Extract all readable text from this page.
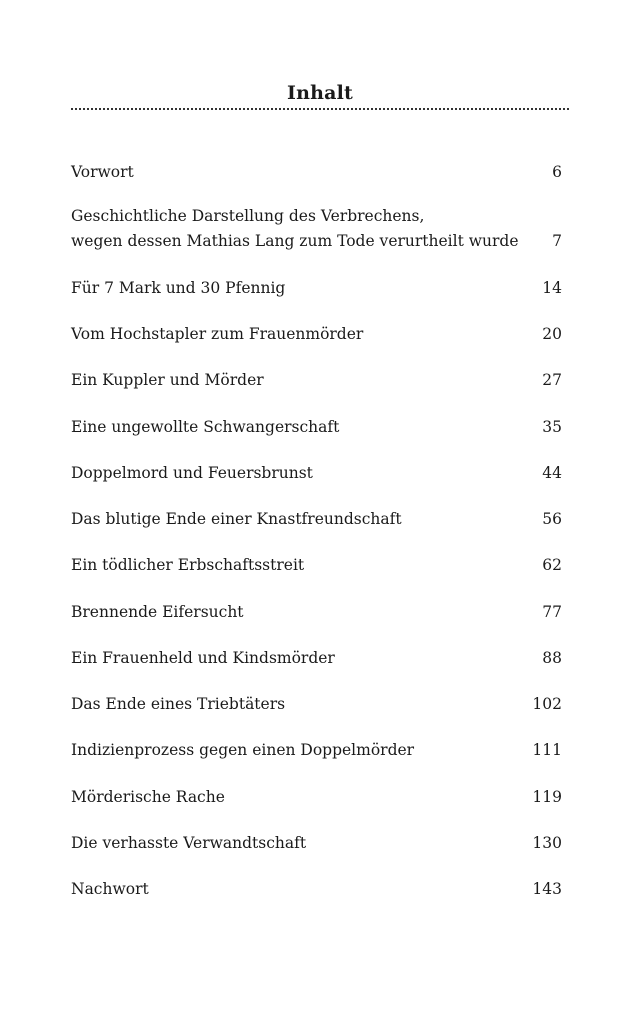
Inhalt
Vorwort	6
Geschichtliche Darstellung des Verbrechens,
wegen dessen Mathias Lang zum Tode verurtheilt wurde	7
Für 7 Mark und 30 Pfennig	14
Vom Hochstapler zum Frauenmörder	20
Ein Kuppler und Mörder	27
Eine ungewollte Schwangerschaft	35
Doppelmord und Feuersbrunst	44
Das blutige Ende einer Knastfreundschaft	56
Ein tödlicher Erbschaftsstreit	62
Brennende Eifersucht	77
Ein Frauenheld und Kindsmörder	88
Das Ende eines Triebtäters	102
Indizienprozess gegen einen Doppelmörder	111
Mörderische Rache	119
Die verhasste Verwandtschaft	130
Nachwort	143
